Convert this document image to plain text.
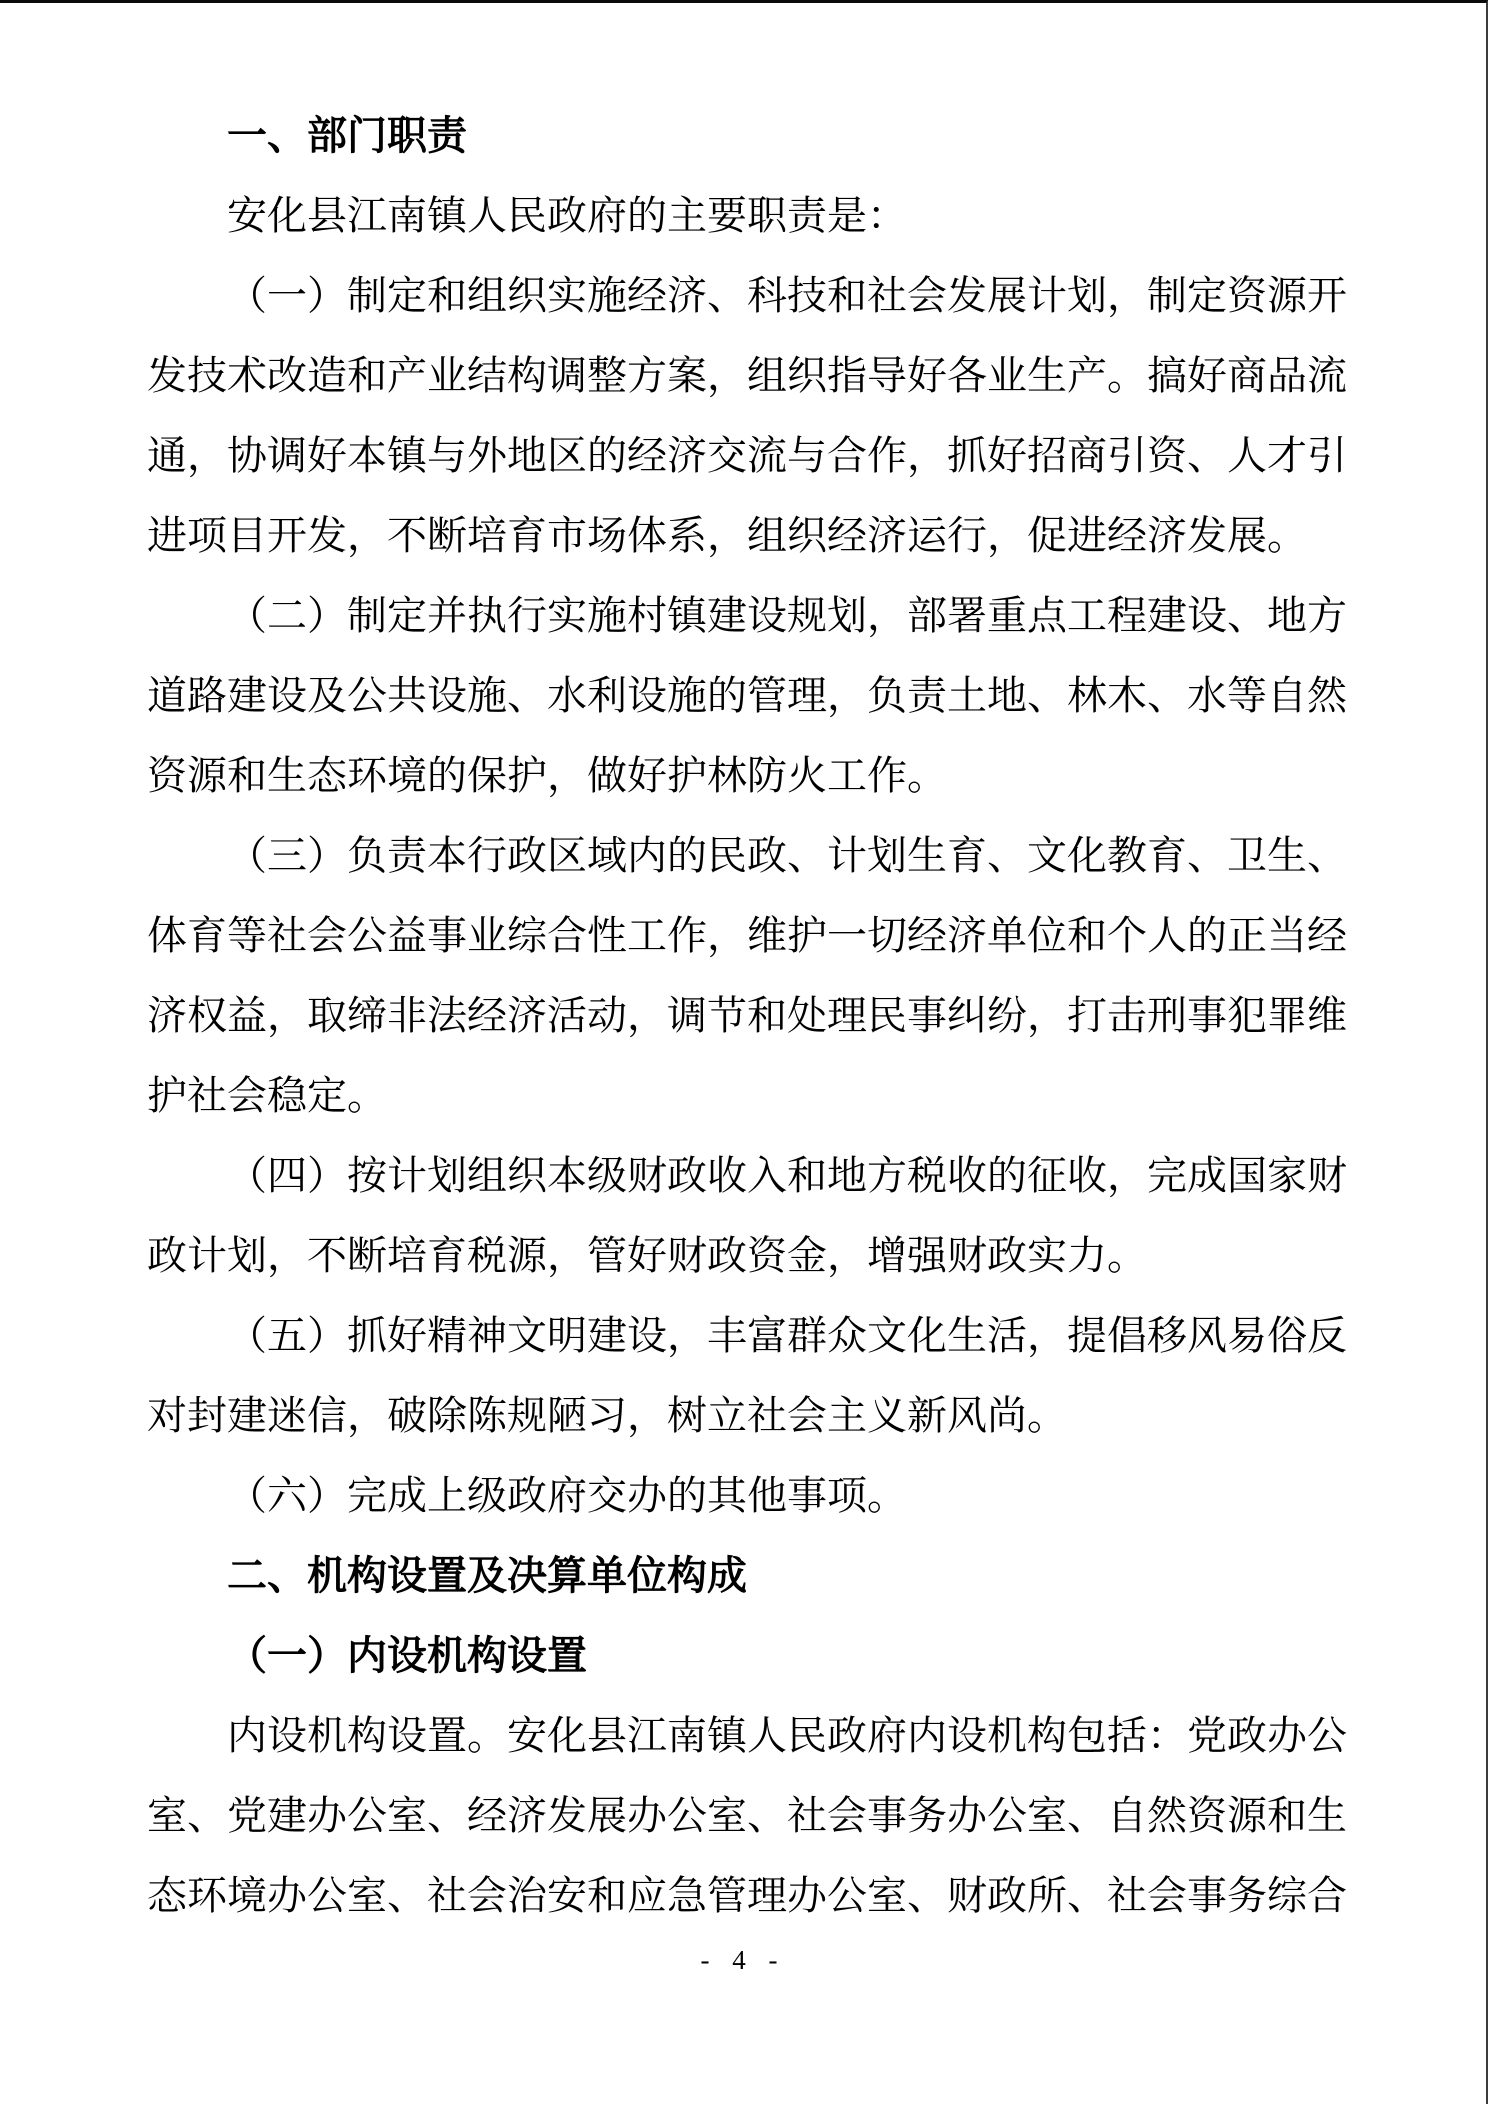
一、部门职责
安化县江南镇人民政府的主要职责是：
（一）制定和组织实施经济、科技和社会发展计划，制定资源开
发技术改造和产业结构调整方案，组织指导好各业生产。搞好商品流
通，协调好本镇与外地区的经济交流与合作，抓好招商引资、人才引
进项目开发，不断培育市场体系，组织经济运行，促进经济发展。
（二）制定并执行实施村镇建设规划，部署重点工程建设、地方
道路建设及公共设施、水利设施的管理，负责土地、林木、水等自然
资源和生态环境的保护，做好护林防火工作。
（三）负责本行政区域内的民政、计划生育、文化教育、卫生、
体育等社会公益事业综合性工作，维护一切经济单位和个人的正当经
济权益，取缔非法经济活动，调节和处理民事纠纷，打击刑事犯罪维
护社会稳定。
（四）按计划组织本级财政收入和地方税收的征收，完成国家财
政计划，不断培育税源，管好财政资金，增强财政实力。
（五）抓好精神文明建设，丰富群众文化生活，提倡移风易俗反
对封建迷信，破除陈规陋习，树立社会主义新风尚。
（六）完成上级政府交办的其他事项。
二、机构设置及决算单位构成
（一）内设机构设置
内设机构设置。安化县江南镇人民政府内设机构包括：党政办公
室、党建办公室、经济发展办公室、社会事务办公室、自然资源和生
态环境办公室、社会治安和应急管理办公室、财政所、社会事务综合
- 4 -
